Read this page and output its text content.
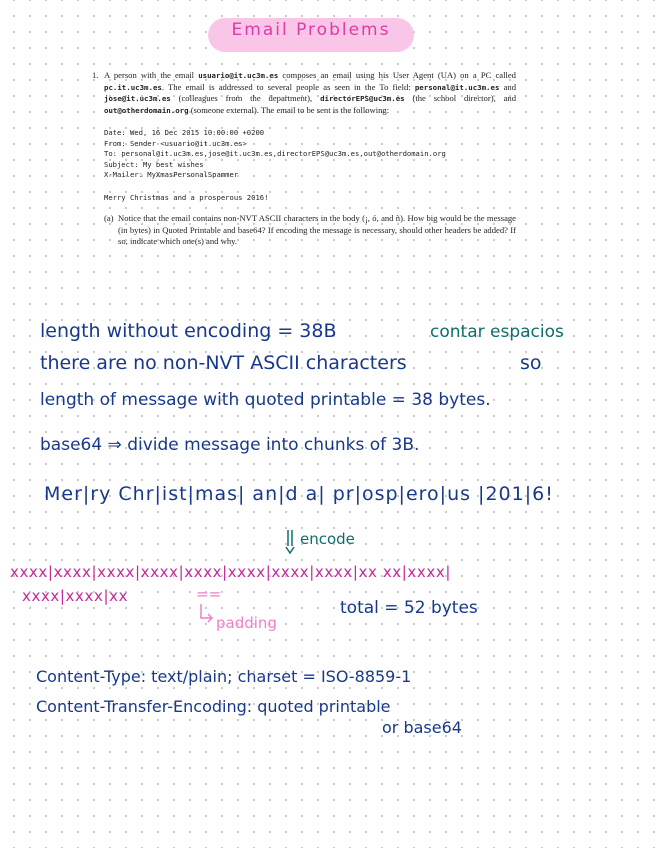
Email Problems
1. A person with the email usuario@it.uc3m.es composes an email using his User Agent (UA) on a PC called pc.it.uc3m.es. The email is addressed to several people as seen in the To field: personal@it.uc3m.es and jose@it.uc3m.es (colleagues from the department), directorEPS@uc3m.es (the school director), and out@otherdomain.org (someone external). The email to be sent is the following:

Date: Wed, 16 Dec 2015 10:00:00 +0200
From: Sender <usuario@it.uc3m.es>
To: personal@it.uc3m.es,jose@it.uc3m.es,directorEPS@uc3m.es,out@otherdomain.org
Subject: My best wishes
X-Mailer: MyXmasPersonalSpammer
Merry Christmas and a prosperous 2016!
(a) Notice that the email contains non-NVT ASCII characters in the body (¡, ó, and ñ). How big would be the message (in bytes) in Quoted Printable and base64? If encoding the message is necessary, should other headers be added? If so, indicate which one(s) and why.

length without encoding = 38B	contar espacios
there are no non-NVT ASCII characters	so
length of message with quoted printable = 38 bytes.
base64 ⇒ divide message into chunks of 3B.
Mer|ry Chr|ist|mas| an|d a| pr|osp|ero|us |201|6!
encode
xxxx|xxxx|xxxx|xxxx|xxxx|xxxx|xxxx|xxxx|xx xx|xxxx|
xxxx|xxxx|xx	==
padding
total = 52 bytes
Content-Type: text/plain; charset = ISO-8859-1
Content-Transfer-Encoding: quoted printable
or base64
